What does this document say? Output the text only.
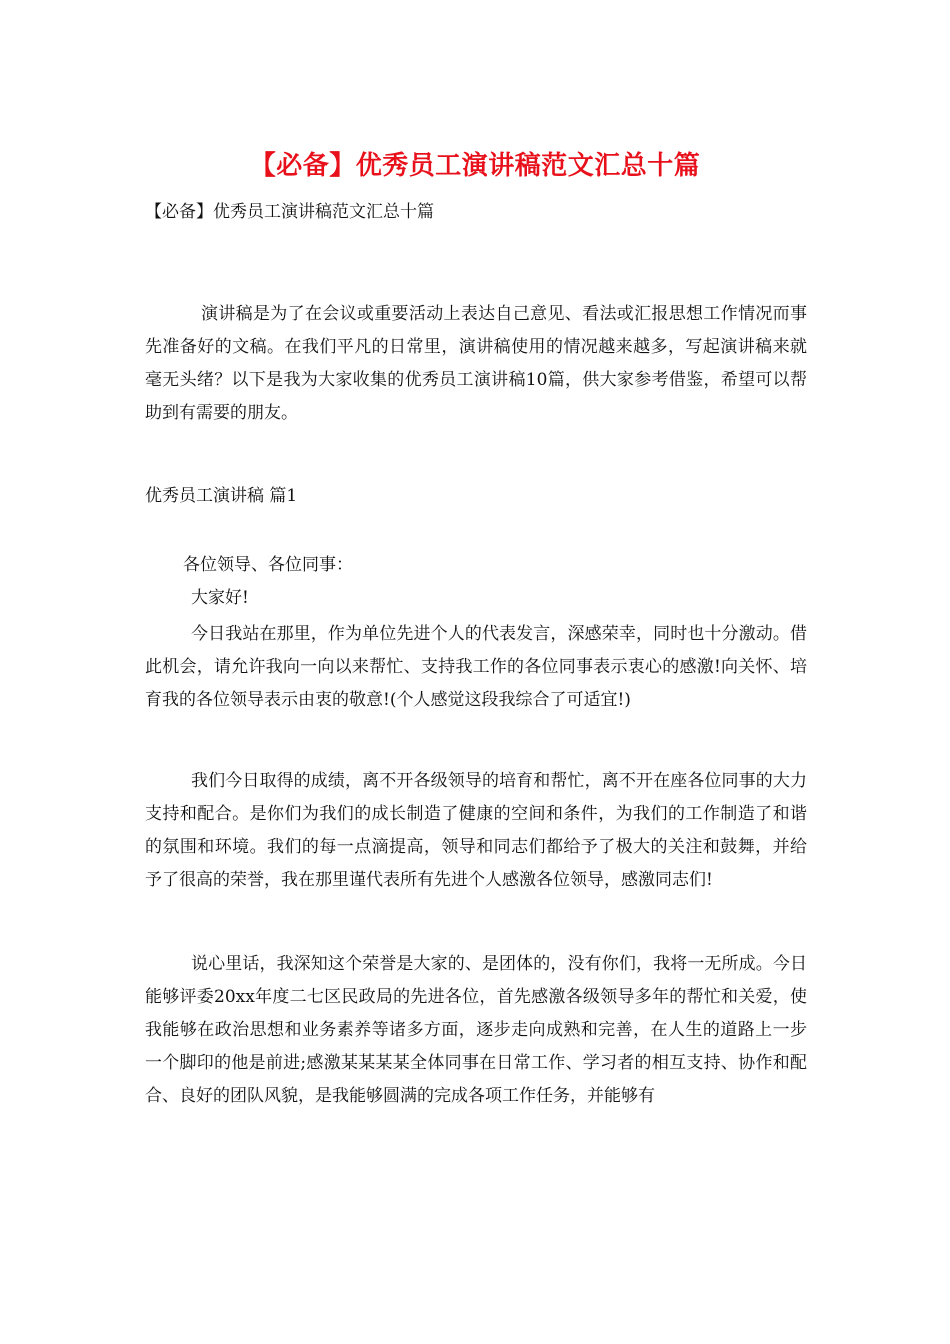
【必备】优秀员工演讲稿范文汇总十篇
【必备】优秀员工演讲稿范文汇总十篇
演讲稿是为了在会议或重要活动上表达自己意见、看法或汇报思想工作情况而事先准备好的文稿。在我们平凡的日常里，演讲稿使用的情况越来越多，写起演讲稿来就毫无头绪？以下是我为大家收集的优秀员工演讲稿10篇，供大家参考借鉴，希望可以帮助到有需要的朋友。
优秀员工演讲稿 篇1
各位领导、各位同事：
大家好!
今日我站在那里，作为单位先进个人的代表发言，深感荣幸，同时也十分激动。借此机会，请允许我向一向以来帮忙、支持我工作的各位同事表示衷心的感激!向关怀、培育我的各位领导表示由衷的敬意!(个人感觉这段我综合了可适宜!)
我们今日取得的成绩，离不开各级领导的培育和帮忙，离不开在座各位同事的大力支持和配合。是你们为我们的成长制造了健康的空间和条件，为我们的工作制造了和谐的氛围和环境。我们的每一点滴提高，领导和同志们都给予了极大的关注和鼓舞，并给予了很高的荣誉，我在那里谨代表所有先进个人感激各位领导，感激同志们!
说心里话，我深知这个荣誉是大家的、是团体的，没有你们，我将一无所成。今日能够评委20xx年度二七区民政局的先进各位，首先感激各级领导多年的帮忙和关爱，使我能够在政治思想和业务素养等诸多方面，逐步走向成熟和完善，在人生的道路上一步一个脚印的他是前进;感激某某某某全体同事在日常工作、学习者的相互支持、协作和配合、良好的团队风貌，是我能够圆满的完成各项工作任务，并能够有
